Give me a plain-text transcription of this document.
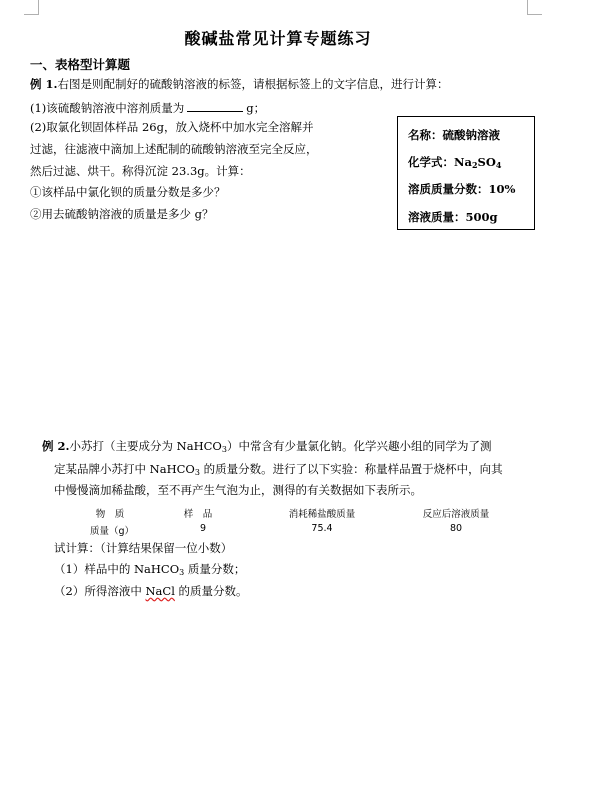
酸碱盐常见计算专题练习
一、表格型计算题
例 1.右图是则配制好的硫酸钠溶液的标签，请根据标签上的文字信息，进行计算：
(1)该硫酸钠溶液中溶剂质量为	g；
(2)取氯化钡固体样品 26g，放入烧杯中加水完全溶解并
过滤，往滤液中滴加上述配制的硫酸钠溶液至完全反应，
然后过滤、烘干。称得沉淀 23.3g。计算：
①该样品中氯化钡的质量分数是多少？
②用去硫酸钠溶液的质量是多少 g？
名称：硫酸钠溶液
化学式：$Na_2SO_4$
溶质质量分数：10%
溶液质量：500g
例 2.小苏打（主要成分为 NaHCO$_3$）中常含有少量氯化钠。化学兴趣小组的同学为了测
定某品牌小苏打中 NaHCO$_3$ 的质量分数。进行了以下实验：称量样品置于烧杯中，向其
中慢慢滴加稀盐酸，至不再产生气泡为止，测得的有关数据如下表所示。
物　质	样　品	消耗稀盐酸质量	反应后溶液质量
质量（g）	9	75.4	80
试计算：（计算结果保留一位小数）
（1）样品中的 NaHCO$_3$ 质量分数；
（2）所得溶液中 NaCl 的质量分数。
